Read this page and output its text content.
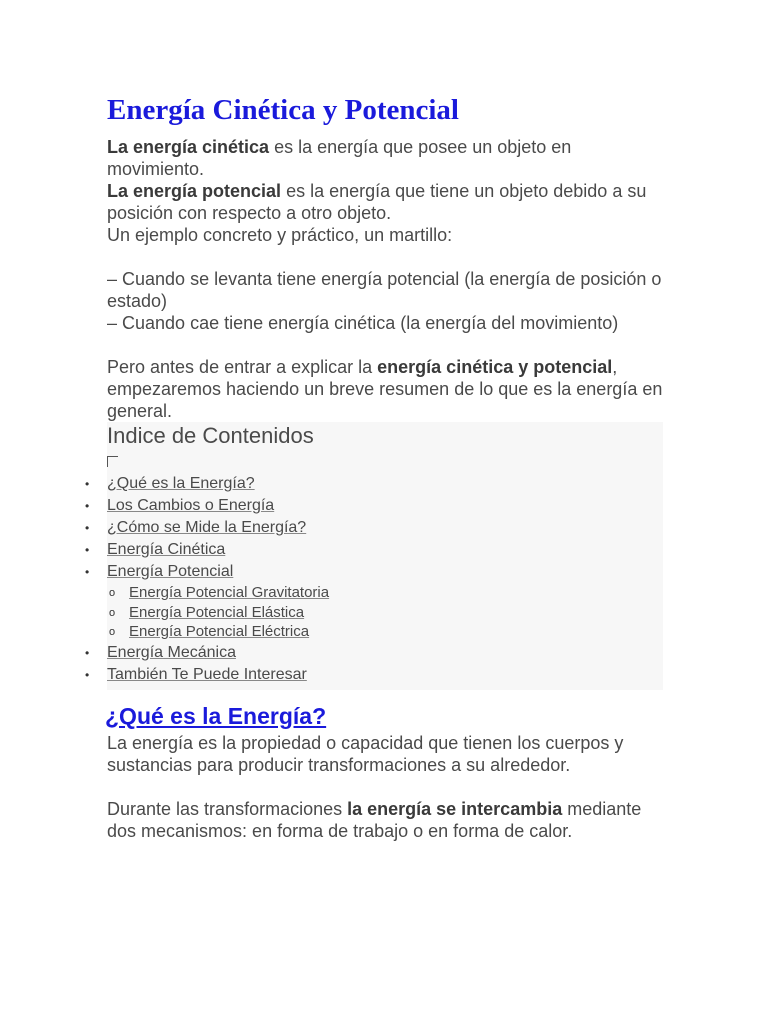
Energía Cinética y Potencial

La energía cinética es la energía que posee un objeto en movimiento.

La energía potencial es la energía que tiene un objeto debido a su posición con respecto a otro objeto.

Un ejemplo concreto y práctico, un martillo:

– Cuando se levanta tiene energía potencial (la energía de posición o estado)

– Cuando cae tiene energía cinética (la energía del movimiento)

Pero antes de entrar a explicar la energía cinética y potencial, empezaremos haciendo un breve resumen de lo que es la energía en general.

Indice de Contenidos
• ¿Qué es la Energía?
• Los Cambios o Energía
• ¿Cómo se Mide la Energía?
• Energía Cinética
• Energía Potencial
o Energía Potencial Gravitatoria
o Energía Potencial Elástica
o Energía Potencial Eléctrica
• Energía Mecánica
• También Te Puede Interesar
¿Qué es la Energía?

La energía es la propiedad o capacidad que tienen los cuerpos y sustancias para producir transformaciones a su alrededor.

Durante las transformaciones la energía se intercambia mediante dos mecanismos: en forma de trabajo o en forma de calor.
